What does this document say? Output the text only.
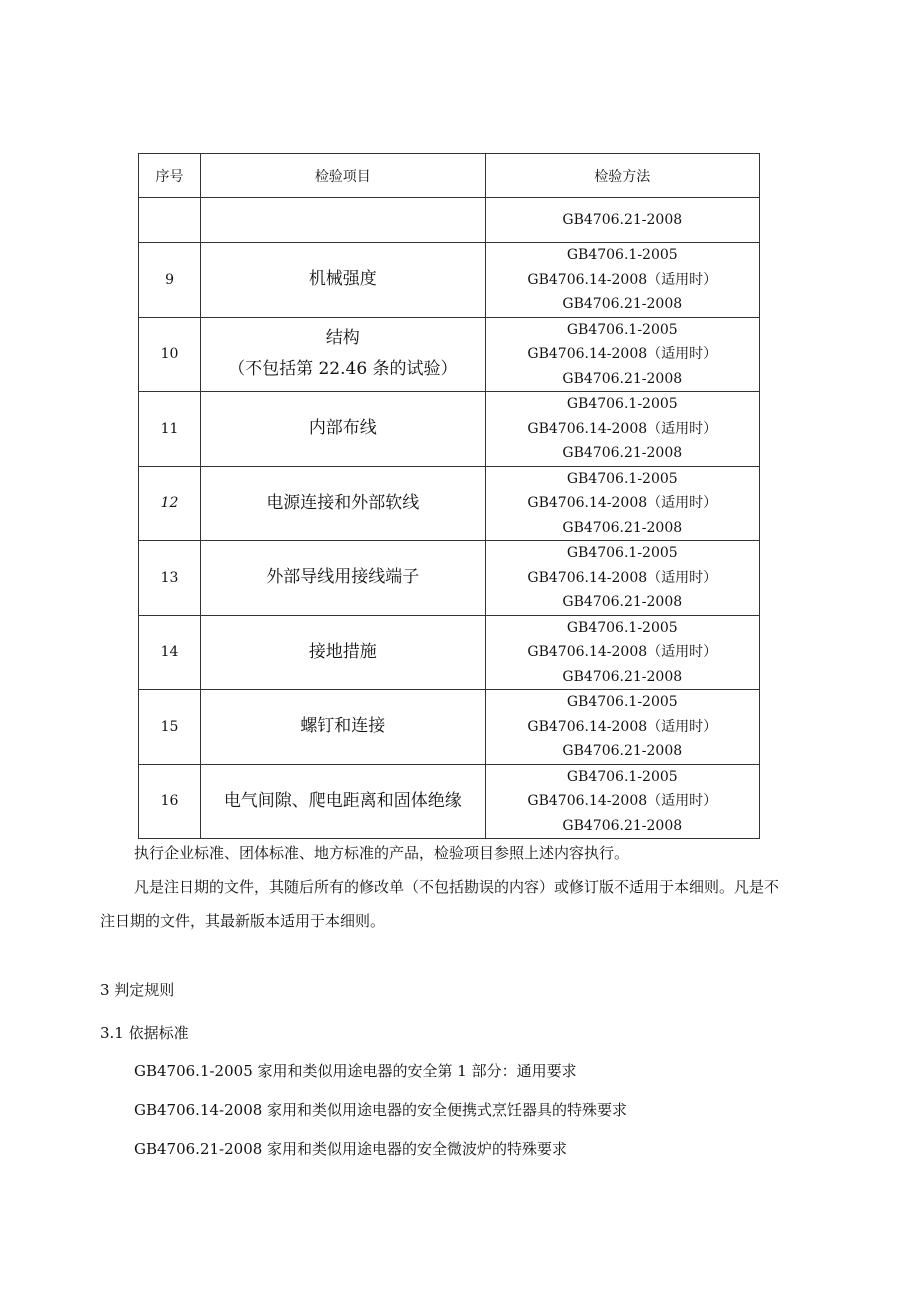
序号	检验项目	检验方法

		GB4706.21-2008

9	机械强度	GB4706.1-2005
GB4706.14-2008（适用时）
GB4706.21-2008

10	结构
（不包括第 22.46 条的试验）	GB4706.1-2005
GB4706.14-2008（适用时）
GB4706.21-2008

11	内部布线	GB4706.1-2005
GB4706.14-2008（适用时）
GB4706.21-2008

12	电源连接和外部软线	GB4706.1-2005
GB4706.14-2008（适用时）
GB4706.21-2008

13	外部导线用接线端子	GB4706.1-2005
GB4706.14-2008（适用时）
GB4706.21-2008

14	接地措施	GB4706.1-2005
GB4706.14-2008（适用时）
GB4706.21-2008

15	螺钉和连接	GB4706.1-2005
GB4706.14-2008（适用时）
GB4706.21-2008

16	电气间隙、爬电距离和固体绝缘	GB4706.1-2005
GB4706.14-2008（适用时）
GB4706.21-2008

执行企业标准、团体标准、地方标准的产品，检验项目参照上述内容执行。

凡是注日期的文件，其随后所有的修改单（不包括勘误的内容）或修订版不适用于本细则。凡是不

注日期的文件，其最新版本适用于本细则。

3 判定规则

3.1 依据标准

GB4706.1-2005 家用和类似用途电器的安全第 1 部分：通用要求

GB4706.14-2008 家用和类似用途电器的安全便携式烹饪器具的特殊要求

GB4706.21-2008 家用和类似用途电器的安全微波炉的特殊要求
